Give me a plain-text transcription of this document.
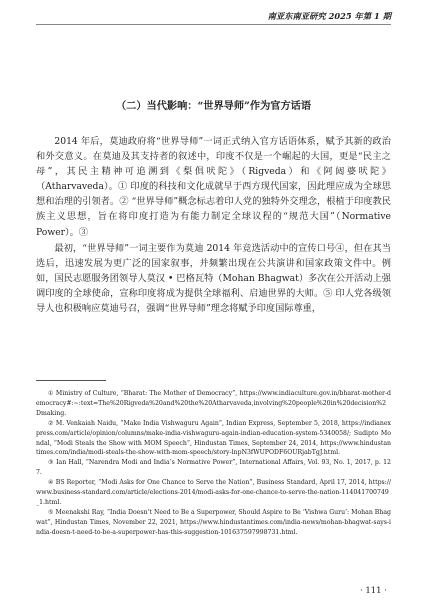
南亚东南亚研究 2025 年第 1 期
（二）当代影响：“世界导师”作为官方话语

2014 年后，莫迪政府将“世界导师”一词正式纳入官方话语体系，赋予其新的政治和外交意义。在莫迪及其支持者的叙述中，印度不仅是一个崛起的大国，更是“民主之母”，其民主精神可追溯到《梨俱吠陀》（Rigveda）和《阿闼婆吠陀》（Atharvaveda）。① 印度的科技和文化成就早于西方现代国家，因此理应成为全球思想和治理的引领者。② “世界导师”概念标志着印人党的独特外交理念，根植于印度教民族主义思想，旨在将印度打造为有能力制定全球议程的“规范大国”（Normative Power）。③

最初，“世界导师”一词主要作为莫迪 2014 年竞选活动中的宣传口号④，但在其当选后，迅速发展为更广泛的国家叙事，并频繁出现在公共演讲和国家政策文件中。例如，国民志愿服务团领导人莫汉 • 巴格瓦特（Mohan Bhagwat）多次在公开活动上强调印度的全球使命，宣称印度将成为提供全球福利、启迪世界的大师。⑤ 印人党各级领导人也积极响应莫迪号召，强调“世界导师”理念将赋予印度国际尊重，

① Ministry of Culture, “Bharat: The Mother of Democracy”, https://www.indiaculture.gov.in/bharat-mother-democracy#:~:text=The%20Rigveda%20and%20the%20Atharvaveda,involving%20people%20in%20decision%2Dmaking.

② M. Venkaiah Naidu, “Make India Vishwaguru Again”, Indian Express, September 5, 2018, https://indianexpress.com/article/opinion/columns/make-india-vishwaguru-again-indian-education-system-5340058/; Sudipto Mondal, “Modi Steals the Show with MOM Speech”, Hindustan Times, September 24, 2014, https://www.hindustantimes.com/india/modi-steals-the-show-with-mom-speech/story-lnpN3fWUPODF6OURjabTgJ.html.

③ Ian Hall, “Narendra Modi and India’s Normative Power”, International Affairs, Vol. 93, No. 1, 2017, p. 127.

④ BS Reporter, “Modi Asks for One Chance to Serve the Nation”, Business Standard, April 17, 2014, https://www.business-standard.com/article/elections-2014/modi-asks-for-one-chance-to-serve-the-nation-114041700749_1.html.

⑤ Meenakshi Ray, “India Doesn’t Need to Be a Superpower, Should Aspire to Be ‘Vishwa Guru’: Mohan Bhagwat”, Hindustan Times, November 22, 2021, https://www.hindustantimes.com/india-news/mohan-bhagwat-says-india-doesn-t-need-to-be-a-superpower-has-this-suggestion-101637597998731.html.

· 111 ·
